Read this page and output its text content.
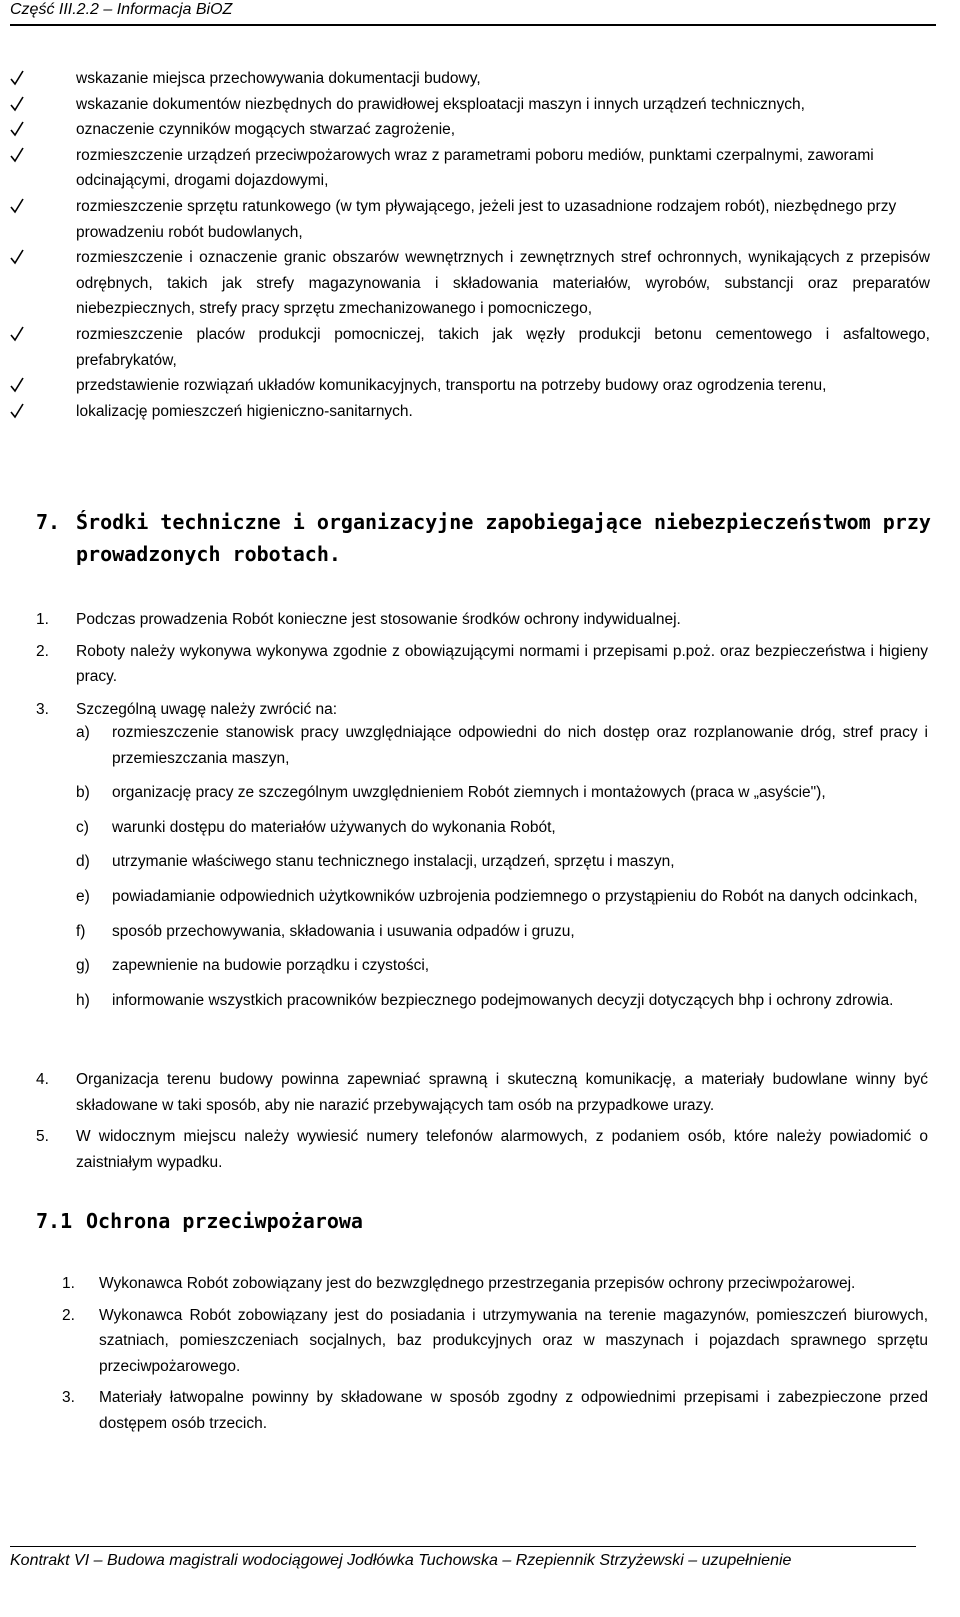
Część III.2.2 – Informacja BiOZ
wskazanie miejsca przechowywania dokumentacji budowy,
wskazanie dokumentów niezbędnych do prawidłowej eksploatacji maszyn i innych urządzeń technicznych,
oznaczenie czynników mogących stwarzać zagrożenie,
rozmieszczenie urządzeń przeciwpożarowych wraz z parametrami poboru mediów, punktami czerpalnymi, zaworami odcinającymi, drogami dojazdowymi,
rozmieszczenie sprzętu ratunkowego (w tym pływającego, jeżeli jest to uzasadnione rodzajem robót), niezbędnego przy prowadzeniu robót budowlanych,
rozmieszczenie i oznaczenie granic obszarów wewnętrznych i zewnętrznych stref ochronnych, wynikających z przepisów odrębnych, takich jak strefy magazynowania i składowania materiałów, wyrobów, substancji oraz preparatów niebezpiecznych, strefy pracy sprzętu zmechanizowanego i pomocniczego,
rozmieszczenie placów produkcji pomocniczej, takich jak węzły produkcji betonu cementowego i asfaltowego, prefabrykatów,
przedstawienie rozwiązań układów komunikacyjnych, transportu na potrzeby budowy oraz ogrodzenia terenu,
lokalizację pomieszczeń higieniczno-sanitarnych.
7. Środki techniczne i organizacyjne zapobiegające niebezpieczeństwom przy
prowadzonych robotach.
1. Podczas prowadzenia Robót konieczne jest stosowanie środków ochrony indywidualnej.
2. Roboty należy wykonywa wykonywa zgodnie z obowiązującymi normami i przepisami p.poż. oraz bezpieczeństwa i higieny pracy.
3. Szczególną uwagę należy zwrócić na:
a) rozmieszczenie stanowisk pracy uwzględniające odpowiedni do nich dostęp oraz rozplanowanie dróg, stref pracy i przemieszczania maszyn,
b) organizację pracy ze szczególnym uwzględnieniem Robót ziemnych i montażowych (praca w „asyście"),
c) warunki dostępu do materiałów używanych do wykonania Robót,
d) utrzymanie właściwego stanu technicznego instalacji, urządzeń, sprzętu i maszyn,
e) powiadamianie odpowiednich użytkowników uzbrojenia podziemnego o przystąpieniu do Robót na danych odcinkach,
f) sposób przechowywania, składowania i usuwania odpadów i gruzu,
g) zapewnienie na budowie porządku i czystości,
h) informowanie wszystkich pracowników bezpiecznego podejmowanych decyzji dotyczących bhp i ochrony zdrowia.
4. Organizacja terenu budowy powinna zapewniać sprawną i skuteczną komunikację, a materiały budowlane winny być składowane w taki sposób, aby nie narazić przebywających tam osób na przypadkowe urazy.
5. W widocznym miejscu należy wywiesić numery telefonów alarmowych, z podaniem osób, które należy powiadomić o zaistniałym wypadku.
7.1 Ochrona przeciwpożarowa
1. Wykonawca Robót zobowiązany jest do bezwzględnego przestrzegania przepisów ochrony przeciwpożarowej.
2. Wykonawca Robót zobowiązany jest do posiadania i utrzymywania na terenie magazynów, pomieszczeń biurowych, szatniach, pomieszczeniach socjalnych, baz produkcyjnych oraz w maszynach i pojazdach sprawnego sprzętu przeciwpożarowego.
3. Materiały łatwopalne powinny by składowane w sposób zgodny z odpowiednimi przepisami i zabezpieczone przed dostępem osób trzecich.
Kontrakt VI – Budowa magistrali wodociągowej Jodłówka Tuchowska – Rzepiennik Strzyżewski – uzupełnienie
